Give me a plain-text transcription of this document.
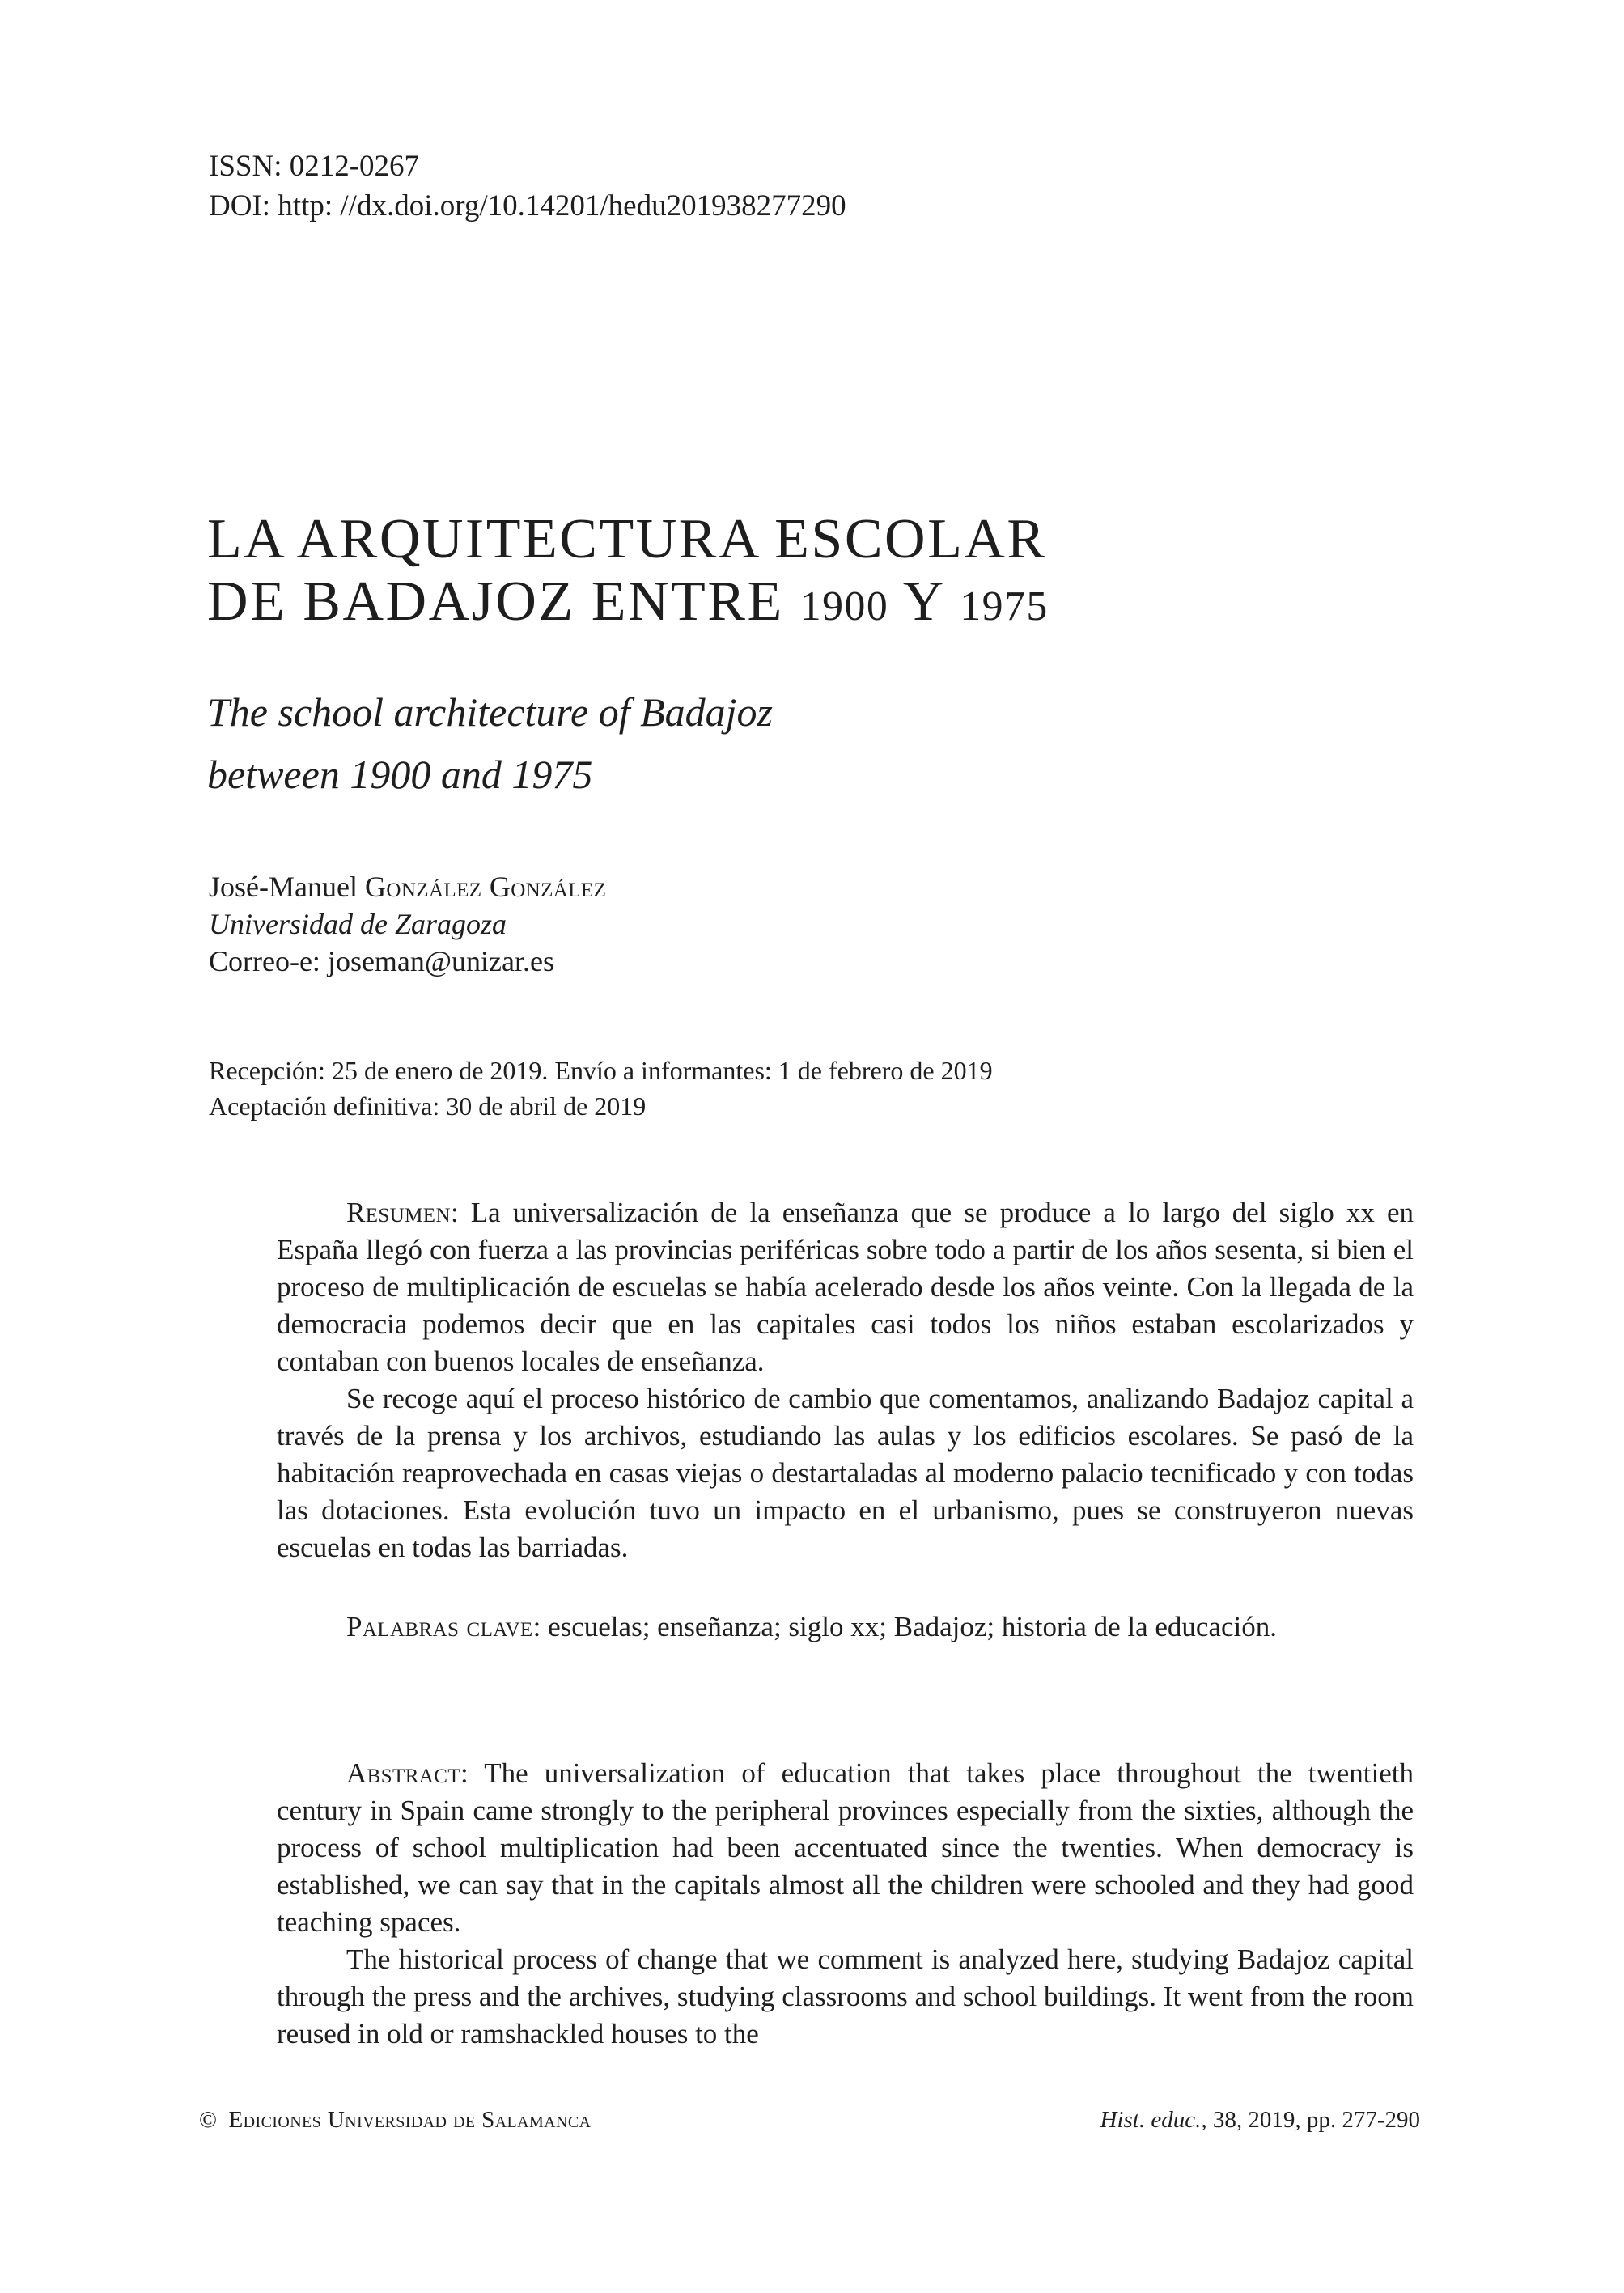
ISSN: 0212-0267
DOI: http: //dx.doi.org/10.14201/hedu201938277290
LA ARQUITECTURA ESCOLAR
DE BADAJOZ ENTRE 1900 Y 1975
The school architecture of Badajoz
between 1900 and 1975
José-Manuel González González
Universidad de Zaragoza
Correo-e: joseman@unizar.es
Recepción: 25 de enero de 2019. Envío a informantes: 1 de febrero de 2019
Aceptación definitiva: 30 de abril de 2019

Resumen: La universalización de la enseñanza que se produce a lo largo del siglo xx en España llegó con fuerza a las provincias periféricas sobre todo a partir de los años sesenta, si bien el proceso de multiplicación de escuelas se había acelerado desde los años veinte. Con la llegada de la democracia podemos decir que en las capitales casi todos los niños estaban escolarizados y contaban con buenos locales de enseñanza.

Se recoge aquí el proceso histórico de cambio que comentamos, analizando Badajoz capital a través de la prensa y los archivos, estudiando las aulas y los edificios escolares. Se pasó de la habitación reaprovechada en casas viejas o destartaladas al moderno palacio tecnificado y con todas las dotaciones. Esta evolución tuvo un impacto en el urbanismo, pues se construyeron nuevas escuelas en todas las barriadas.

Palabras clave: escuelas; enseñanza; siglo xx; Badajoz; historia de la educación.

Abstract: The universalization of education that takes place throughout the twentieth century in Spain came strongly to the peripheral provinces especially from the sixties, although the process of school multiplication had been accentuated since the twenties. When democracy is established, we can say that in the capitals almost all the children were schooled and they had good teaching spaces.

The historical process of change that we comment is analyzed here, studying Badajoz capital through the press and the archives, studying classrooms and school buildings. It went from the room reused in old or ramshackled houses to the

© Ediciones Universidad de Salamanca	Hist. educ., 38, 2019, pp. 277-290
